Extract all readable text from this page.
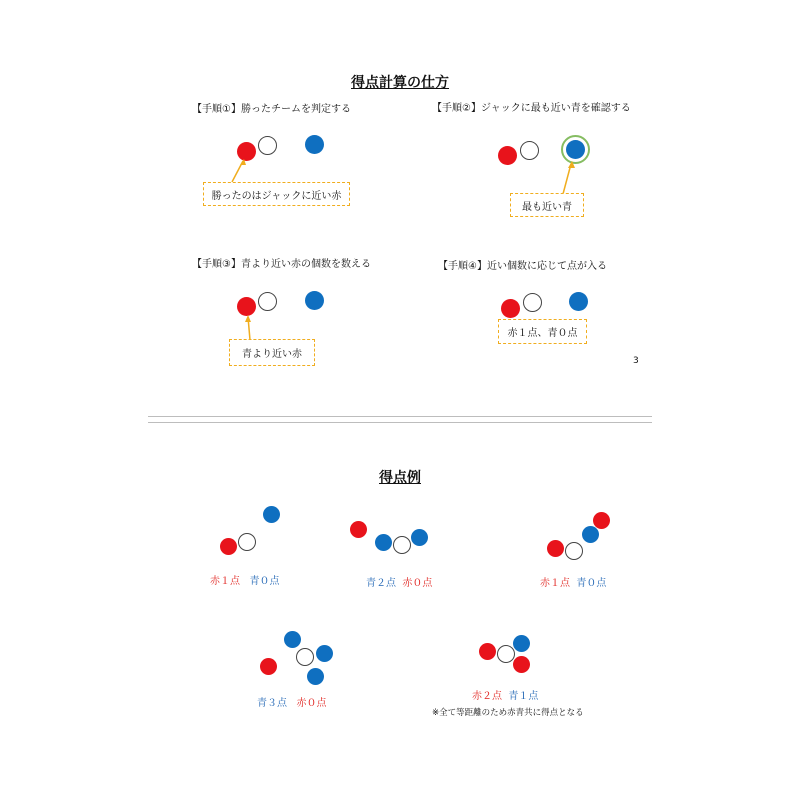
得点計算の仕方
【手順①】勝ったチームを判定する
勝ったのはジャックに近い赤
【手順②】ジャックに最も近い青を確認する
最も近い青
【手順③】青より近い赤の個数を数える
青より近い赤
【手順④】近い個数に応じて点が入る
赤１点、青０点
3
得点例
赤１点 青０点	青２点 赤０点	赤１点 青０点
青３点 赤０点
赤２点 青１点
※全て等距離のため赤青共に得点となる
